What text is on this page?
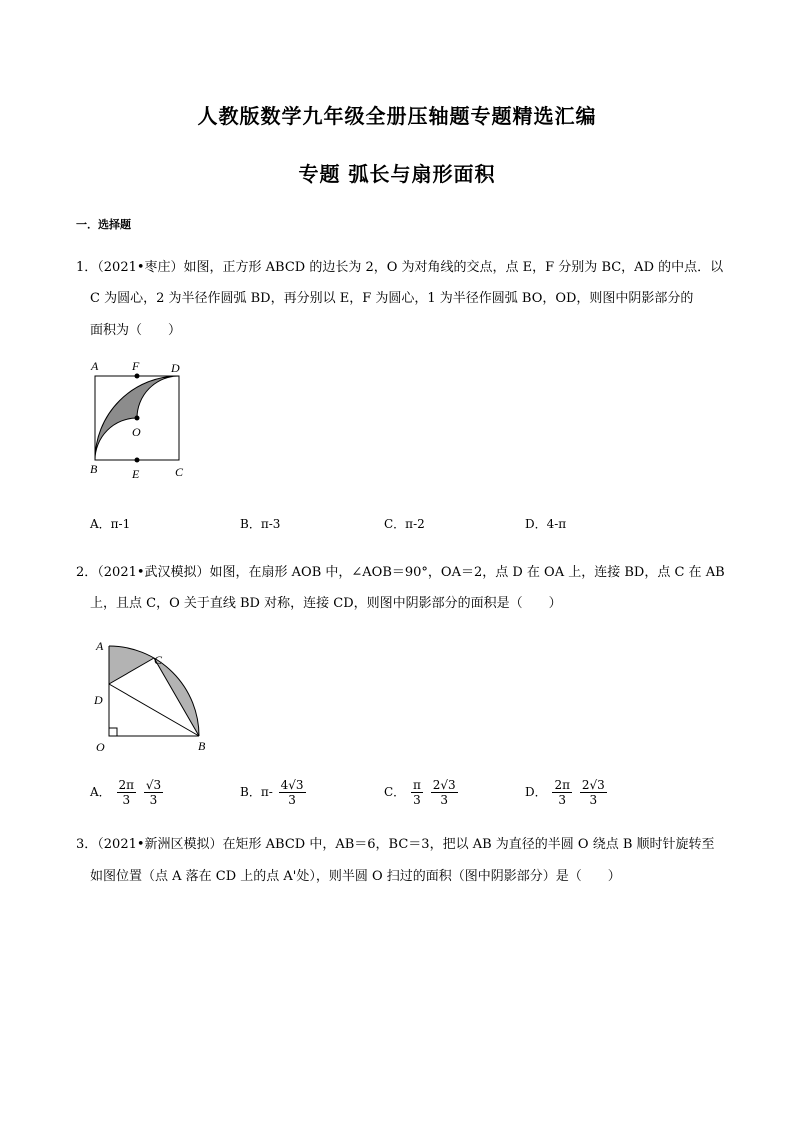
人教版数学九年级全册压轴题专题精选汇编
专题 弧长与扇形面积
一．选择题
1．（2021•枣庄）如图，正方形 ABCD 的边长为 2，O 为对角线的交点，点 E，F 分别为 BC，AD 的中点．以
C 为圆心，2 为半径作圆弧 BD，再分别以 E，F 为圆心，1 为半径作圆弧 BO，OD，则图中阴影部分的
面积为（　　）
A	F	D
O
B	E	C
A．π-1	B．π-3	C．π-2	D．4-π
2．（2021•武汉模拟）如图，在扇形 AOB 中，∠AOB＝90°，OA＝2，点 D 在 OA 上，连接 BD，点 C 在 AB
上，且点 C，O 关于直线 BD 对称，连接 CD，则图中阴影部分的面积是（　　）
A
C
D
O	B
A． $\frac{2\pi}{3}$
$\frac{√3}{3}$	B．$\pi- \frac{4√3}{3}$	C． $\frac{\pi}{3}$
$\frac{2√3}{3}$	D． $\frac{2\pi}{3}$
$\frac{2√3}{3}$
3．（2021•新洲区模拟）在矩形 ABCD 中，AB＝6，BC＝3，把以 AB 为直径的半圆 O 绕点 B 顺时针旋转至
如图位置（点 A 落在 CD 上的点 A'处），则半圆 O 扫过的面积（图中阴影部分）是（　　）
